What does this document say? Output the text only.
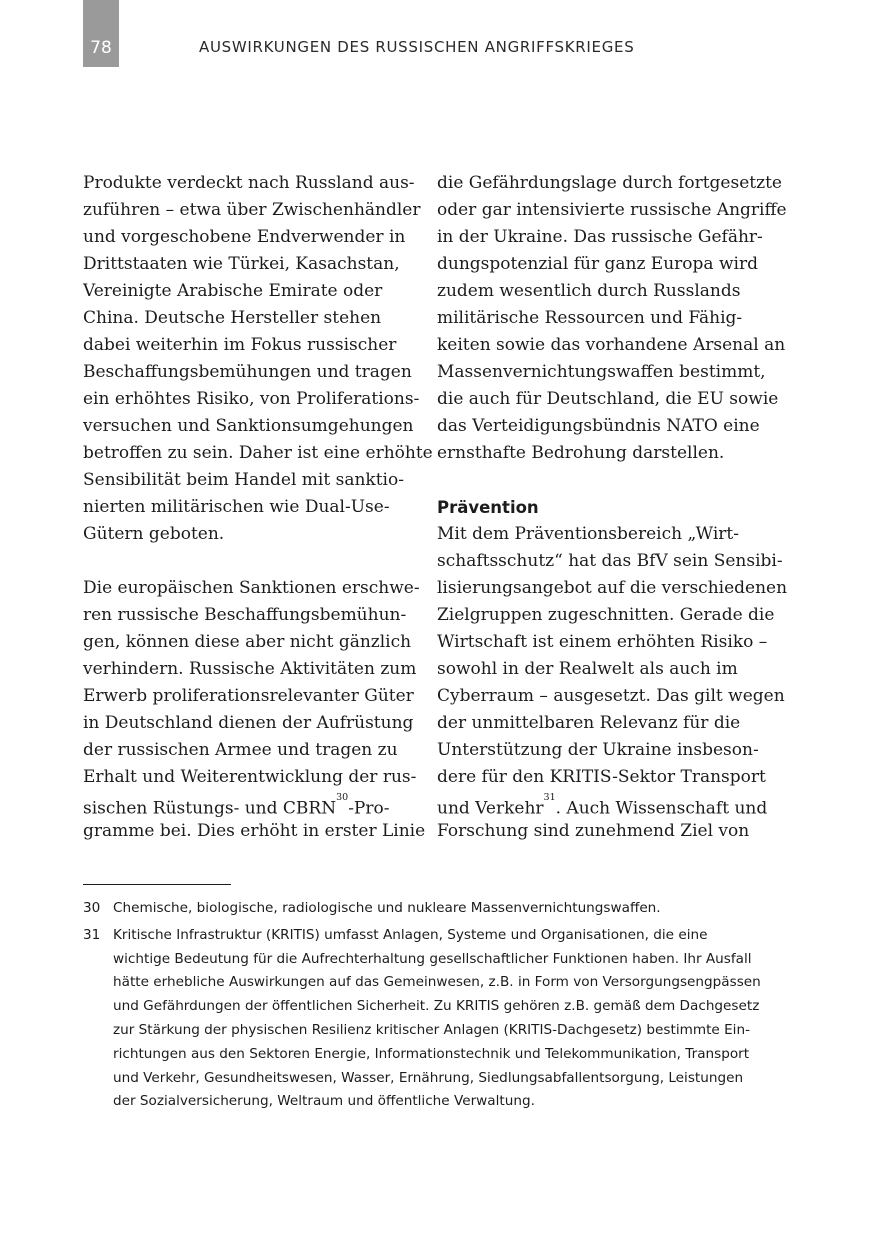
78	AUSWIRKUNGEN DES RUSSISCHEN ANGRIFFSKRIEGES
Produkte verdeckt nach Russland aus-
zuführen – etwa über Zwischenhändler
und vorgeschobene Endverwender in
Drittstaaten wie Türkei, Kasachstan,
Vereinigte Arabische Emirate oder
China. Deutsche Hersteller stehen
dabei weiterhin im Fokus russischer
Beschaffungsbemühungen und tragen
ein erhöhtes Risiko, von Proliferations-
versuchen und Sanktionsumgehungen
betroffen zu sein. Daher ist eine erhöhte
Sensibilität beim Handel mit sanktio-
nierten militärischen wie Dual-Use-
Gütern geboten.
Die europäischen Sanktionen erschwe-
ren russische Beschaffungsbemühun-
gen, können diese aber nicht gänzlich
verhindern. Russische Aktivitäten zum
Erwerb proliferationsrelevanter Güter
in Deutschland dienen der Aufrüstung
der russischen Armee und tragen zu
Erhalt und Weiterentwicklung der rus-
sischen Rüstungs- und CBRN$^{30}$-Pro-
gramme bei. Dies erhöht in erster Linie
die Gefährdungslage durch fortgesetzte
oder gar intensivierte russische Angriffe
in der Ukraine. Das russische Gefähr-
dungspotenzial für ganz Europa wird
zudem wesentlich durch Russlands
militärische Ressourcen und Fähig-
keiten sowie das vorhandene Arsenal an
Massenvernichtungswaffen bestimmt,
die auch für Deutschland, die EU sowie
das Verteidigungsbündnis NATO eine
ernsthafte Bedrohung darstellen.
Prävention
Mit dem Präventionsbereich „Wirt-
schaftsschutz“ hat das BfV sein Sensibi-
lisierungsangebot auf die verschiedenen
Zielgruppen zugeschnitten. Gerade die
Wirtschaft ist einem erhöhten Risiko –
sowohl in der Realwelt als auch im
Cyberraum – ausgesetzt. Das gilt wegen
der unmittelbaren Relevanz für die
Unterstützung der Ukraine insbeson-
dere für den KRITIS-Sektor Transport
und Verkehr$^{31}$. Auch Wissenschaft und
Forschung sind zunehmend Ziel von
30 Chemische, biologische, radiologische und nukleare Massenvernichtungswaffen.
31 Kritische Infrastruktur (KRITIS) umfasst Anlagen, Systeme und Organisationen, die eine
wichtige Bedeutung für die Aufrechterhaltung gesellschaftlicher Funktionen haben. Ihr Ausfall
hätte erhebliche Auswirkungen auf das Gemeinwesen, z.B. in Form von Versorgungsengpässen
und Gefährdungen der öffentlichen Sicherheit. Zu KRITIS gehören z.B. gemäß dem Dachgesetz
zur Stärkung der physischen Resilienz kritischer Anlagen (KRITIS-Dachgesetz) bestimmte Ein-
richtungen aus den Sektoren Energie, Informationstechnik und Telekommunikation, Transport
und Verkehr, Gesundheitswesen, Wasser, Ernährung, Siedlungsabfallentsorgung, Leistungen
der Sozialversicherung, Weltraum und öffentliche Verwaltung.
